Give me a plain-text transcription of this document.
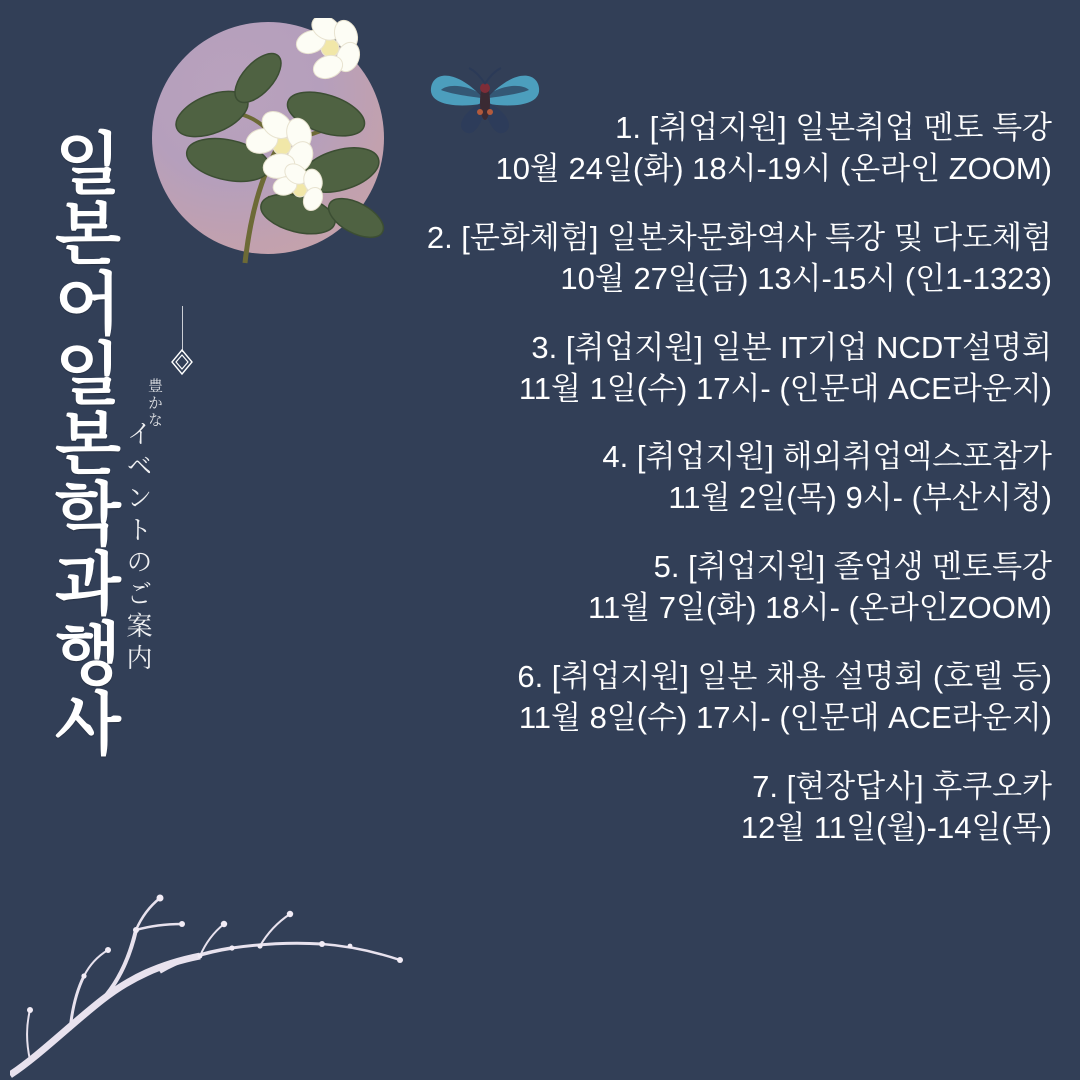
일
본
어
일
본
학
과
행
사
豊かな
イベントのご案内
1. [취업지원] 일본취업 멘토 특강
10월 24일(화) 18시-19시 (온라인 ZOOM)
2. [문화체험] 일본차문화역사 특강 및 다도체험
10월 27일(금) 13시-15시 (인1-1323)
3. [취업지원] 일본 IT기업 NCDT설명회
11월 1일(수) 17시- (인문대 ACE라운지)
4. [취업지원] 해외취업엑스포참가
11월 2일(목) 9시- (부산시청)
5. [취업지원] 졸업생 멘토특강
11월 7일(화) 18시- (온라인ZOOM)
6. [취업지원] 일본 채용 설명회 (호텔 등)
11월 8일(수) 17시- (인문대 ACE라운지)
7. [현장답사] 후쿠오카
12월 11일(월)-14일(목)
